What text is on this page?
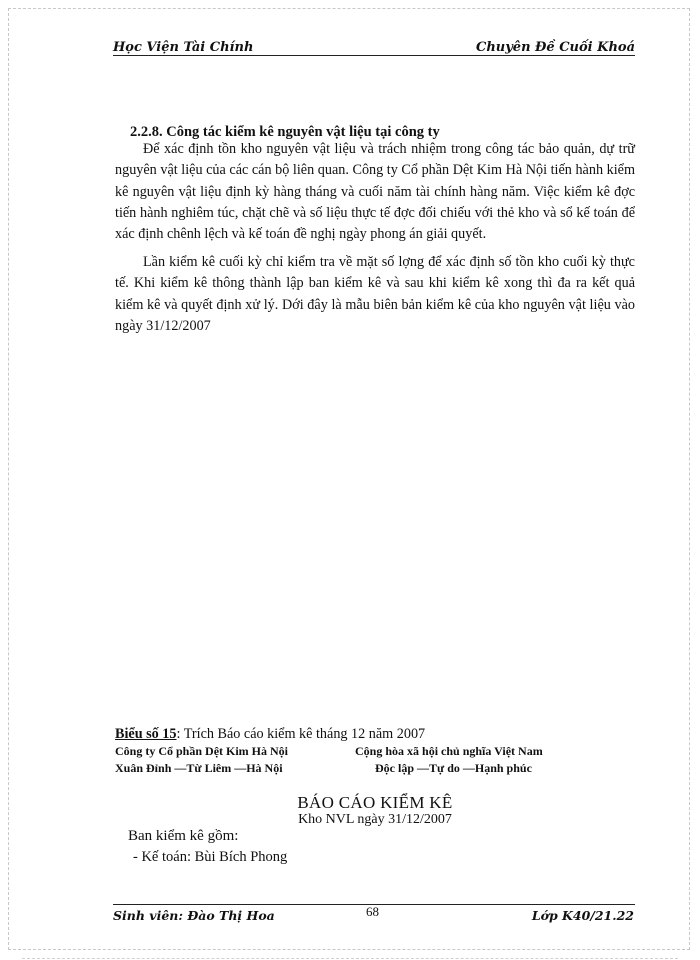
Học Viện Tài Chính	Chuyên Đề Cuối Khoá
2.2.8. Công tác kiểm kê nguyên vật liệu tại công ty
Để xác định tồn kho nguyên vật liệu và trách nhiệm trong công tác bảo quản, dự trữ nguyên vật liệu của các cán bộ liên quan. Công ty Cổ phần Dệt Kim Hà Nội tiến hành kiểm kê nguyên vật liệu định kỳ hàng tháng và cuối năm tài chính hàng năm. Việc kiểm kê đợc tiến hành nghiêm túc, chặt chẽ và số liệu thực tế đợc đối chiếu với thẻ kho và sổ kế toán để xác định chênh lệch và kế toán đề nghị ngày phong án giải quyết.
Lần kiểm kê cuối kỳ chỉ kiểm tra về mặt số lợng để xác định số tồn kho cuối kỳ thực tế. Khi kiểm kê thông thành lập ban kiểm kê và sau khi kiểm kê xong thì đa ra kết quả kiểm kê và quyết định xử lý. Dới đây là mẫu biên bản kiểm kê của kho nguyên vật liệu vào ngày 31/12/2007
Biểu số 15: Trích Báo cáo kiểm kê tháng 12 năm 2007
Công ty Cổ phần Dệt Kim Hà Nội	Cộng hòa xã hội chủ nghĩa Việt Nam
Xuân Đỉnh —Từ Liêm —Hà Nội	Độc lập —Tự do —Hạnh phúc
BÁO CÁO KIỂM KÊ
Kho NVL ngày 31/12/2007
Ban kiểm kê gồm:
- Kế toán: Bùi Bích Phong
Sinh viên: Đào Thị Hoa	68	Lớp K40/21.22
